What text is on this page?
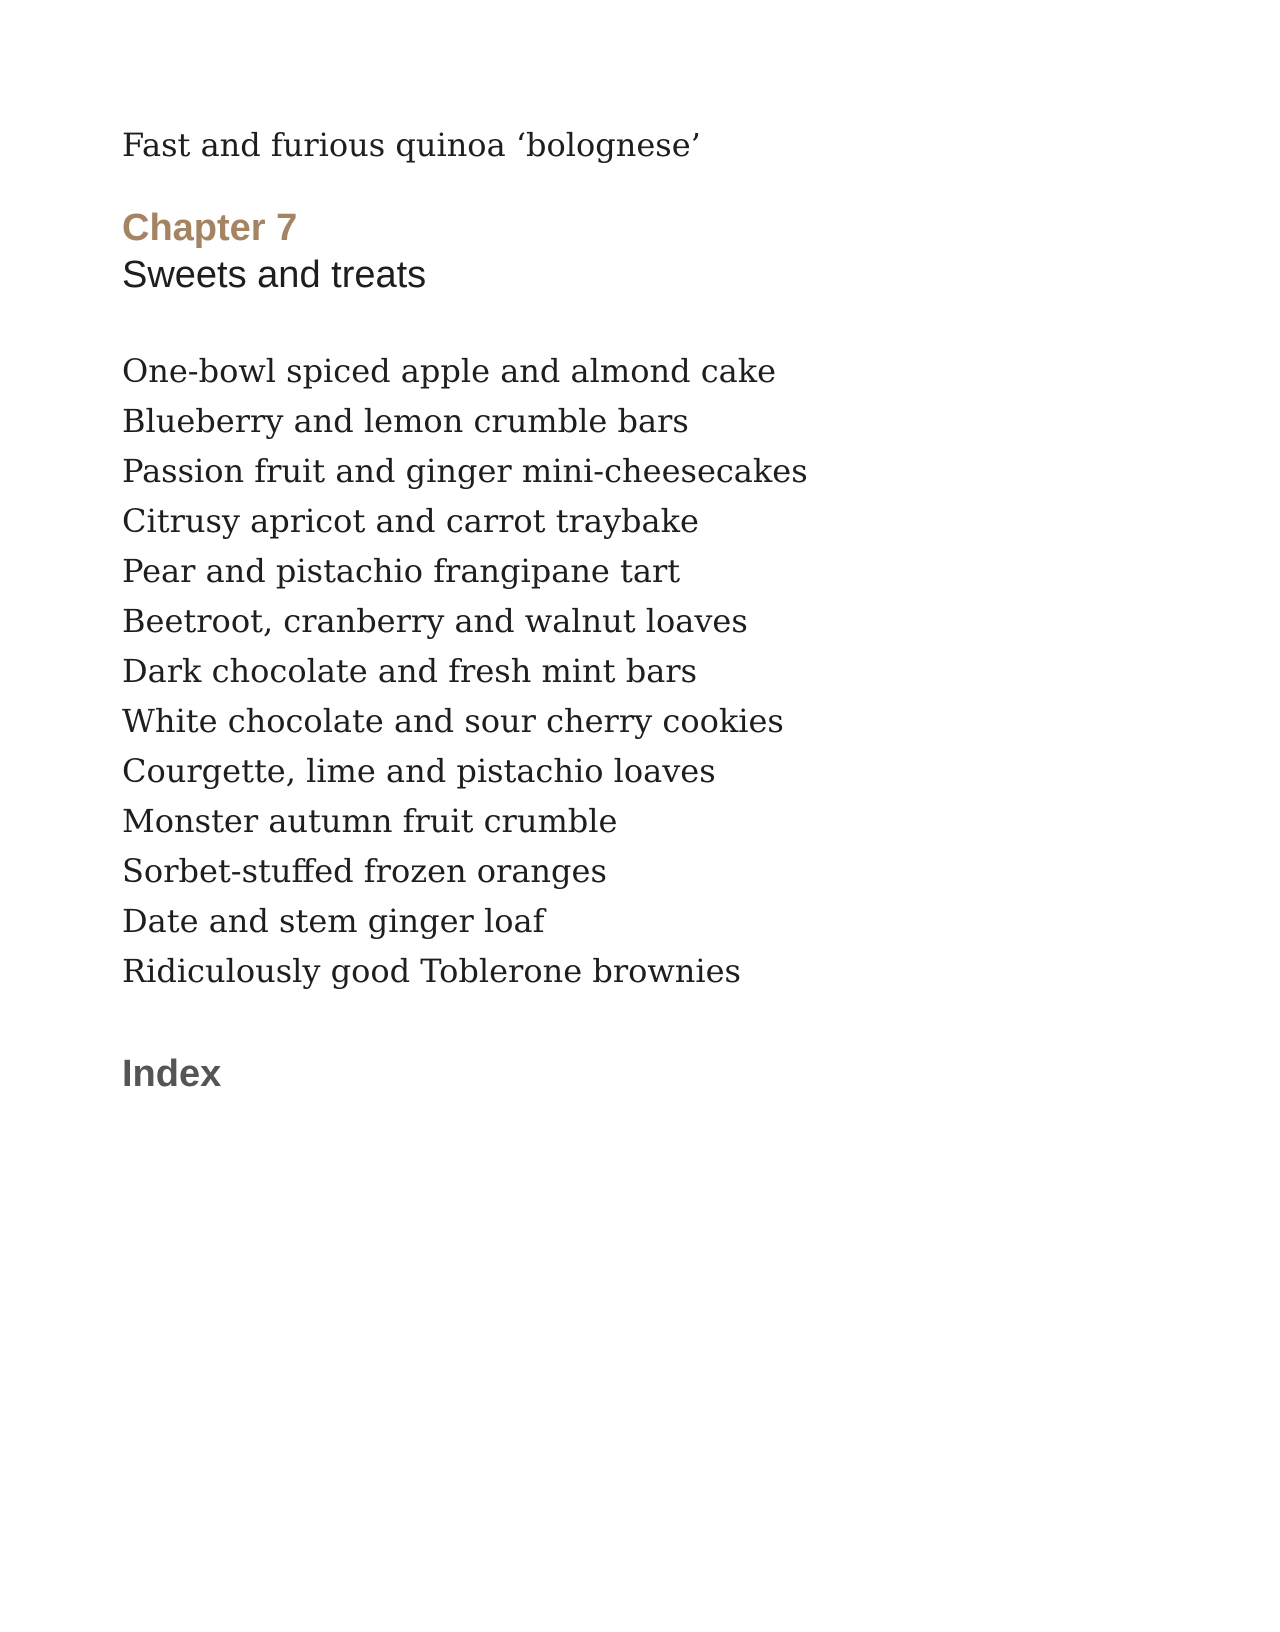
Fast and furious quinoa ‘bolognese’

Chapter 7
Sweets and treats
One-bowl spiced apple and almond cake
Blueberry and lemon crumble bars
Passion fruit and ginger mini-cheesecakes
Citrusy apricot and carrot traybake
Pear and pistachio frangipane tart
Beetroot, cranberry and walnut loaves
Dark chocolate and fresh mint bars
White chocolate and sour cherry cookies
Courgette, lime and pistachio loaves
Monster autumn fruit crumble
Sorbet-stuffed frozen oranges
Date and stem ginger loaf
Ridiculously good Toblerone brownies
Index
